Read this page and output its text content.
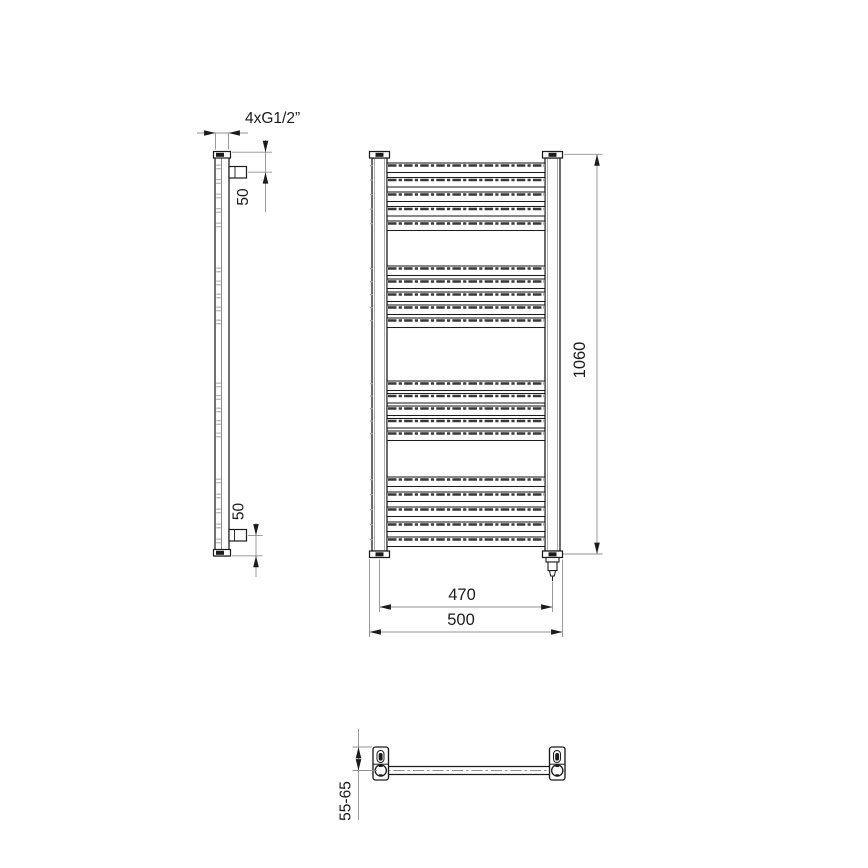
4xG1/2”
50
50
1060
470
500
55-65
